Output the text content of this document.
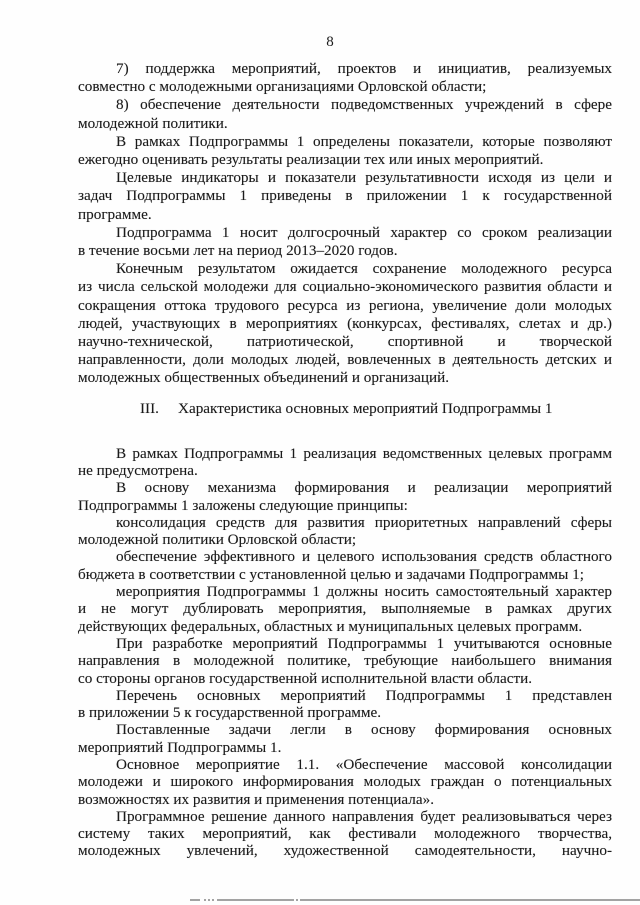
8
7) поддержка мероприятий, проектов и инициатив, реализуемых
совместно с молодежными организациями Орловской области;
8) обеспечение деятельности подведомственных учреждений в сфере
молодежной политики.
В рамках Подпрограммы 1 определены показатели, которые позволяют
ежегодно оценивать результаты реализации тех или иных мероприятий.
Целевые индикаторы и показатели результативности исходя из цели и
задач Подпрограммы 1 приведены в приложении 1 к государственной
программе.
Подпрограмма 1 носит долгосрочный характер со сроком реализации
в течение восьми лет на период 2013–2020 годов.
Конечным результатом ожидается сохранение молодежного ресурса
из числа сельской молодежи для социально-экономического развития области и
сокращения оттока трудового ресурса из региона, увеличение доли молодых
людей, участвующих в мероприятиях (конкурсах, фестивалях, слетах и др.)
научно-технической, патриотической, спортивной и творческой
направленности, доли молодых людей, вовлеченных в деятельность детских и
молодежных общественных объединений и организаций.
III. Характеристика основных мероприятий Подпрограммы 1
В рамках Подпрограммы 1 реализация ведомственных целевых программ
не предусмотрена.
В основу механизма формирования и реализации мероприятий
Подпрограммы 1 заложены следующие принципы:
консолидация средств для развития приоритетных направлений сферы
молодежной политики Орловской области;
обеспечение эффективного и целевого использования средств областного
бюджета в соответствии с установленной целью и задачами Подпрограммы 1;
мероприятия Подпрограммы 1 должны носить самостоятельный характер
и не могут дублировать мероприятия, выполняемые в рамках других
действующих федеральных, областных и муниципальных целевых программ.
При разработке мероприятий Подпрограммы 1 учитываются основные
направления в молодежной политике, требующие наибольшего внимания
со стороны органов государственной исполнительной власти области.
Перечень основных мероприятий Подпрограммы 1 представлен
в приложении 5 к государственной программе.
Поставленные задачи легли в основу формирования основных
мероприятий Подпрограммы 1.
Основное мероприятие 1.1. «Обеспечение массовой консолидации
молодежи и широкого информирования молодых граждан о потенциальных
возможностях их развития и применения потенциала».
Программное решение данного направления будет реализовываться через
систему таких мероприятий, как фестивали молодежного творчества,
молодежных увлечений, художественной самодеятельности, научно-
